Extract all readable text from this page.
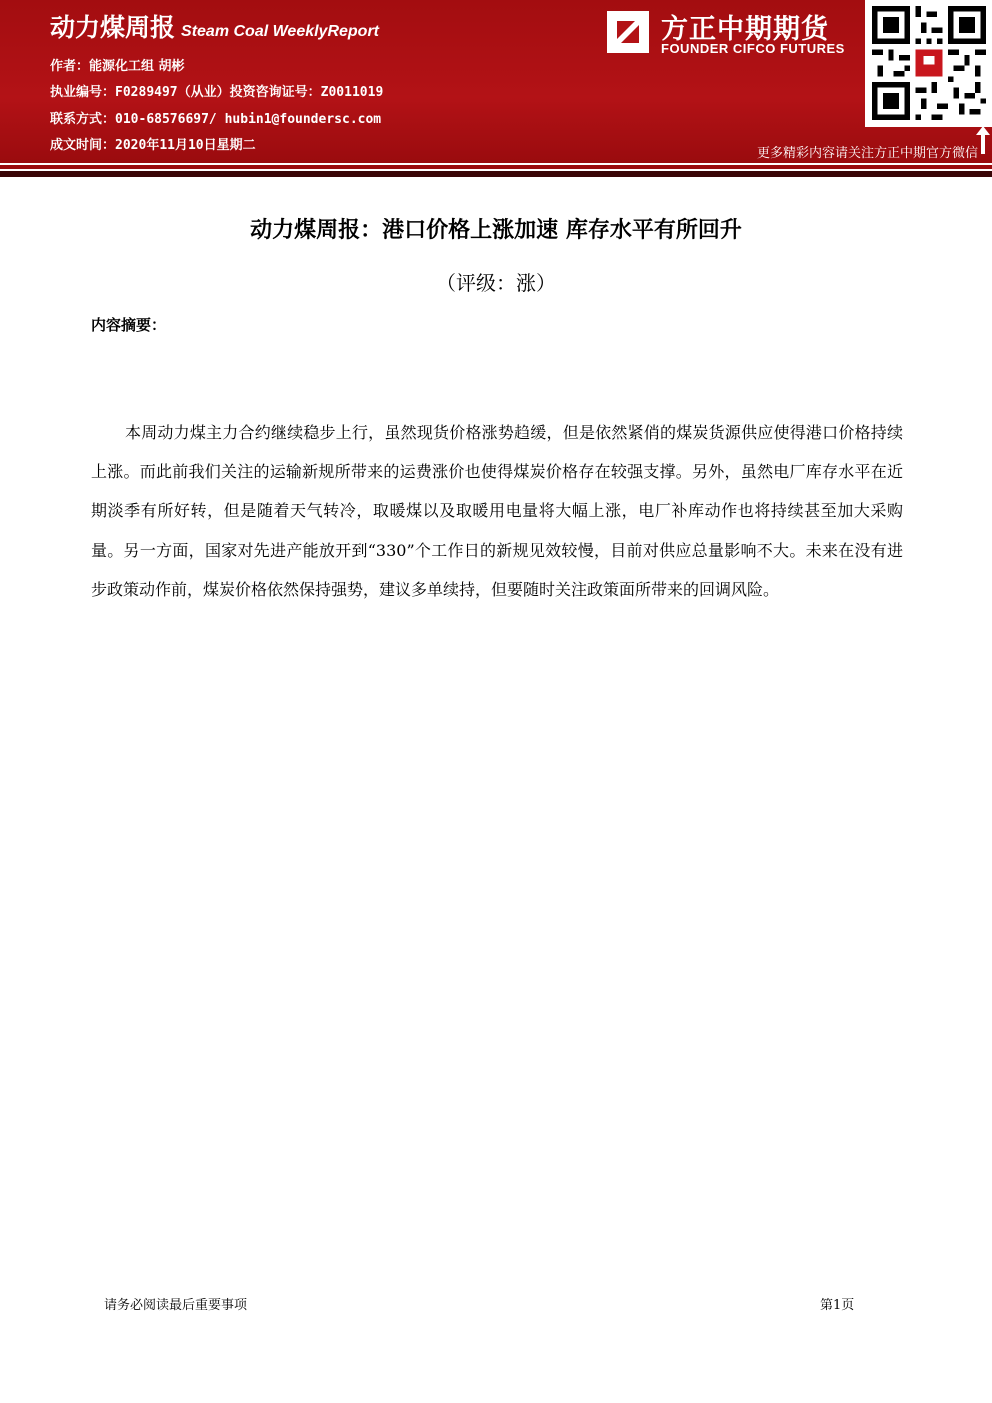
动力煤周报 Steam Coal WeeklyReport
作者：能源化工组 胡彬
执业编号：F0289497（从业）投资咨询证号：Z0011019
联系方式：010-68576697/ hubin1@foundersc.com
成文时间：2020年11月10日星期二
方正中期期货
FOUNDER CIFCO FUTURES
更多精彩内容请关注方正中期官方微信
动力煤周报：港口价格上涨加速 库存水平有所回升
（评级：涨）
内容摘要：
本周动力煤主力合约继续稳步上行，虽然现货价格涨势趋缓，但是依然紧俏的煤炭货源供应使得港口价格持续上涨。而此前我们关注的运输新规所带来的运费涨价也使得煤炭价格存在较强支撑。另外，虽然电厂库存水平在近期淡季有所好转，但是随着天气转冷，取暖煤以及取暖用电量将大幅上涨，电厂补库动作也将持续甚至加大采购量。另一方面，国家对先进产能放开到“330”个工作日的新规见效较慢，目前对供应总量影响不大。未来在没有进步政策动作前，煤炭价格依然保持强势，建议多单续持，但要随时关注政策面所带来的回调风险。
请务必阅读最后重要事项	第1页
